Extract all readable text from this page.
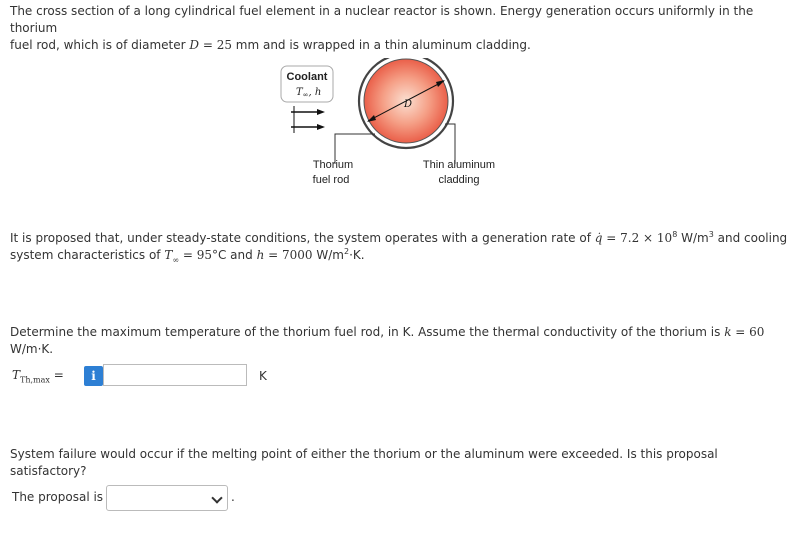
The cross section of a long cylindrical fuel element in a nuclear reactor is shown. Energy generation occurs uniformly in the thorium
fuel rod, which is of diameter D = 25 mm and is wrapped in a thin aluminum cladding.
Coolant
$T_\infty$, h
D
Thorium
fuel rod
Thin aluminum
cladding
It is proposed that, under steady-state conditions, the system operates with a generation rate of q̇ = $7.2 \times 10^8$ $W/m^3$ and cooling
system characteristics of $T_\infty = 95^\circ C$ and h = 7000 $W/m^2\cdot K$.
Determine the maximum temperature of the thorium fuel rod, in K. Assume the thermal conductivity of the thorium is k = 60 W/m·K.
$T_{Th,max}$ =	i	K
System failure would occur if the melting point of either the thorium or the aluminum were exceeded. Is this proposal satisfactory?
The proposal is	.
